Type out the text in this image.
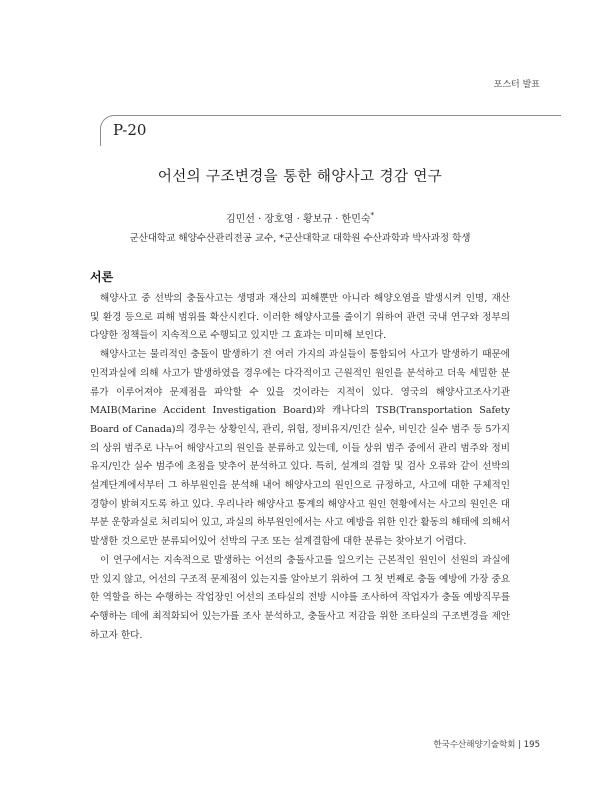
포스터 발표
P-20
어선의 구조변경을 통한 해양사고 경감 연구
김민선 · 장호영 · 황보규 · 한민숙*
군산대학교 해양수산관리전공 교수, *군산대학교 대학원 수산과학과 박사과정 학생
서론

해양사고 중 선박의 충돌사고는 생명과 재산의 피해뿐만 아니라 해양오염을 발생시켜 인명, 재산 및 환경 등으로 피해 범위를 확산시킨다. 이러한 해양사고를 줄이기 위하여 관련 국내 연구와 정부의 다양한 정책들이 지속적으로 수행되고 있지만 그 효과는 미미해 보인다.

해양사고는 물리적인 충돌이 발생하기 전 여러 가지의 과실들이 통합되어 사고가 발생하기 때문에 인적과실에 의해 사고가 발생하였을 경우에는 다각적이고 근원적인 원인을 분석하고 더욱 세밀한 분류가 이루어져야 문제점을 파악할 수 있을 것이라는 지적이 있다. 영국의 해양사고조사기관 MAIB(Marine Accident Investigation Board)와 캐나다의 TSB(Transportation Safety Board of Canada)의 경우는 상황인식, 관리, 위험, 정비유지/인간 실수, 비인간 실수 범주 등 5가지의 상위 범주로 나누어 해양사고의 원인을 분류하고 있는데, 이들 상위 범주 중에서 관리 범주와 정비유지/인간 실수 범주에 초점을 맞추어 분석하고 있다. 특히, 설계의 결함 및 검사 오류와 같이 선박의 설계단계에서부터 그 하부원인을 분석해 내어 해양사고의 원인으로 규정하고, 사고에 대한 구체적인 경향이 밝혀지도록 하고 있다. 우리나라 해양사고 통계의 해양사고 원인 현황에서는 사고의 원인은 대부분 운항과실로 처리되어 있고, 과실의 하부원인에서는 사고 예방을 위한 인간 활동의 해태에 의해서 발생한 것으로만 분류되어있어 선박의 구조 또는 설계결함에 대한 분류는 찾아보기 어렵다.

이 연구에서는 지속적으로 발생하는 어선의 충돌사고를 일으키는 근본적인 원인이 선원의 과실에만 있지 않고, 어선의 구조적 문제점이 있는지를 알아보기 위하여 그 첫 번째로 충돌 예방에 가장 중요한 역할을 하는 수행하는 작업장인 어선의 조타실의 전방 시야를 조사하여 작업자가 충돌 예방직무를 수행하는 데에 최적화되어 있는가를 조사 분석하고, 충돌사고 저감을 위한 조타실의 구조변경을 제안하고자 한다.

한국수산해양기술학회 | 195
